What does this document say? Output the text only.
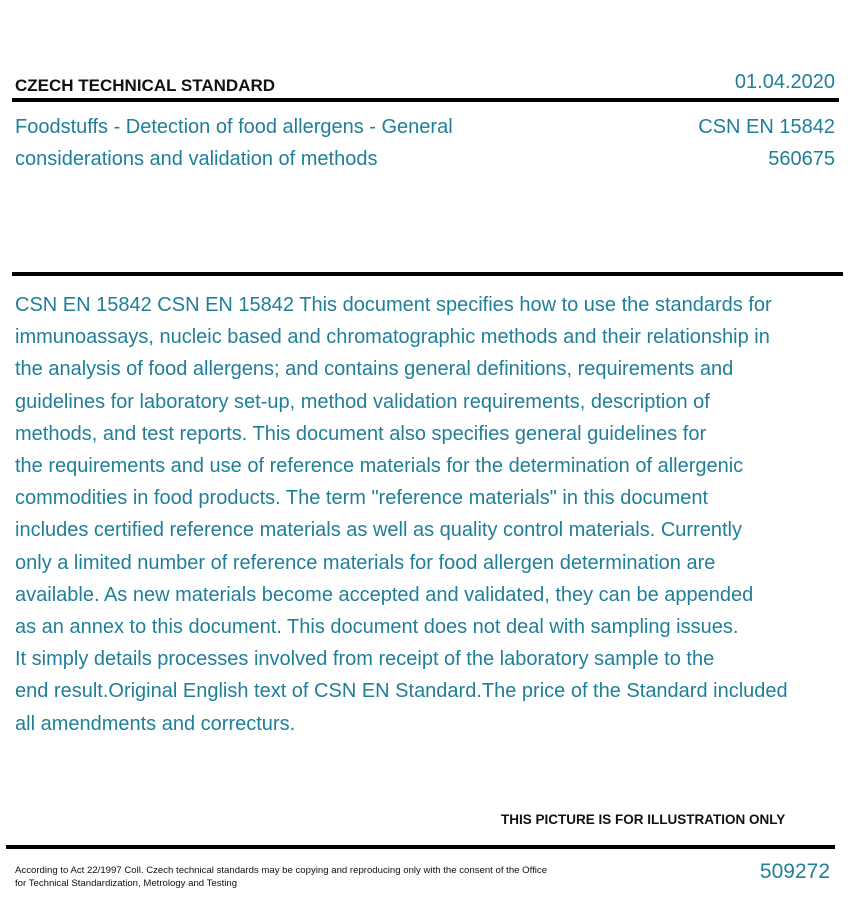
CZECH TECHNICAL STANDARD	01.04.2020
Foodstuffs - Detection of food allergens - General
considerations and validation of methods
CSN EN 15842
560675
CSN EN 15842 CSN EN 15842 This document specifies how to use the standards for
immunoassays, nucleic based and chromatographic methods and their relationship in
the analysis of food allergens; and contains general definitions, requirements and
guidelines for laboratory set-up, method validation requirements, description of
methods, and test reports. This document also specifies general guidelines for
the requirements and use of reference materials for the determination of allergenic
commodities in food products. The term "reference materials" in this document
includes certified reference materials as well as quality control materials. Currently
only a limited number of reference materials for food allergen determination are
available. As new materials become accepted and validated, they can be appended
as an annex to this document. This document does not deal with sampling issues.
It simply details processes involved from receipt of the laboratory sample to the
end result.Original English text of CSN EN Standard.The price of the Standard included
all amendments and correcturs.
THIS PICTURE IS FOR ILLUSTRATION ONLY
According to Act 22/1997 Coll. Czech technical standards may be copying and reproducing only with the consent of the Office
for Technical Standardization, Metrology and Testing
509272
